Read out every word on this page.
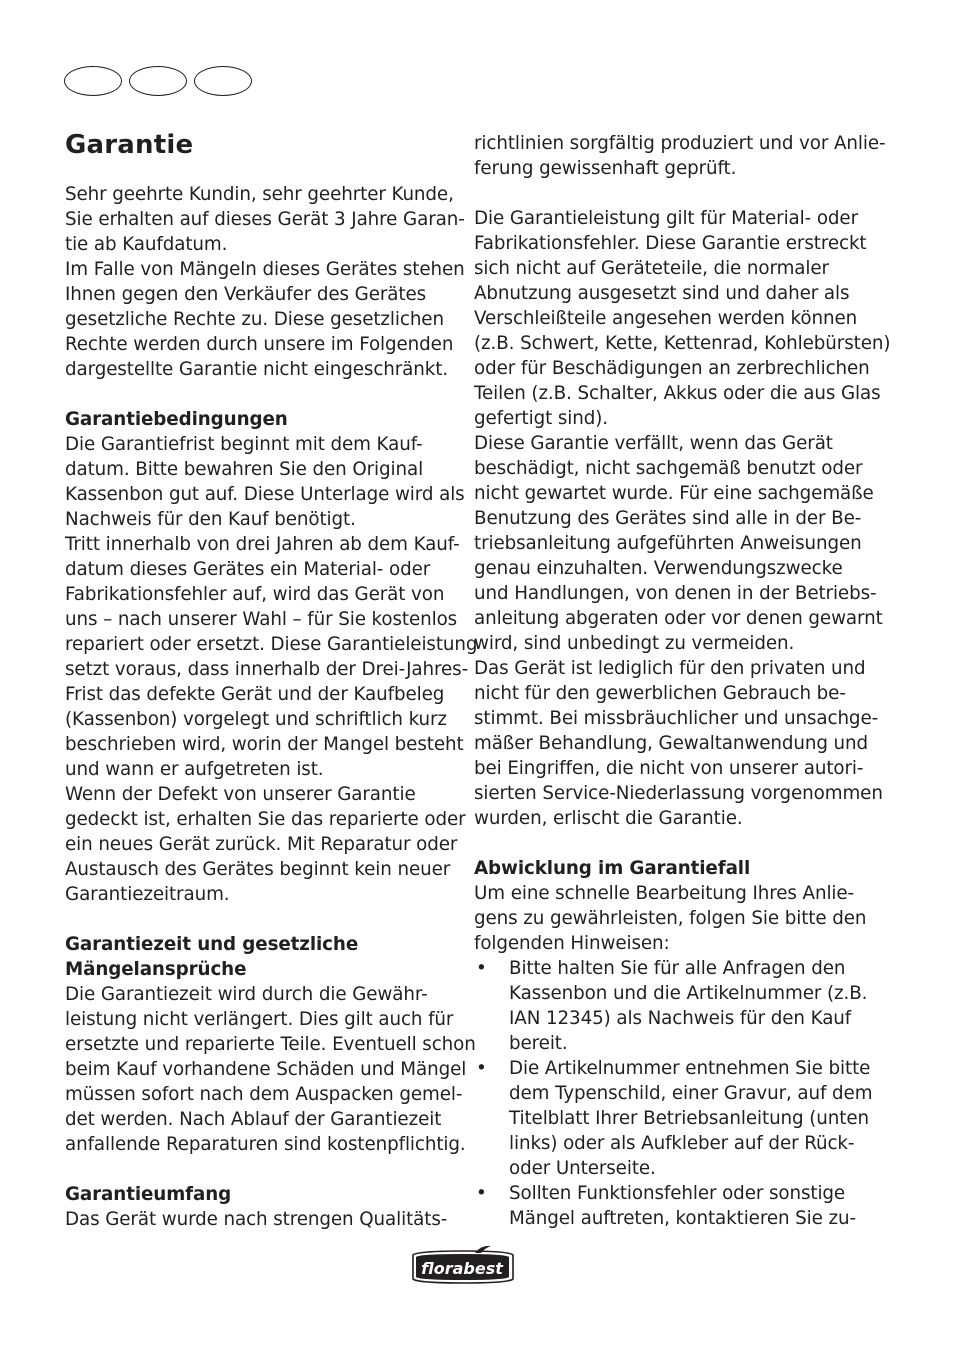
Garantie
Sehr geehrte Kundin, sehr geehrter Kunde,
Sie erhalten auf dieses Gerät 3 Jahre Garan-
tie ab Kaufdatum.
Im Falle von Mängeln dieses Gerätes stehen
Ihnen gegen den Verkäufer des Gerätes
gesetzliche Rechte zu. Diese gesetzlichen
Rechte werden durch unsere im Folgenden
dargestellte Garantie nicht eingeschränkt.
Garantiebedingungen
Die Garantiefrist beginnt mit dem Kauf-
datum. Bitte bewahren Sie den Original
Kassenbon gut auf. Diese Unterlage wird als
Nachweis für den Kauf benötigt.
Tritt innerhalb von drei Jahren ab dem Kauf-
datum dieses Gerätes ein Material- oder
Fabrikationsfehler auf, wird das Gerät von
uns – nach unserer Wahl – für Sie kostenlos
repariert oder ersetzt. Diese Garantieleistung
setzt voraus, dass innerhalb der Drei-Jahres-
Frist das defekte Gerät und der Kaufbeleg
(Kassenbon) vorgelegt und schriftlich kurz
beschrieben wird, worin der Mangel besteht
und wann er aufgetreten ist.
Wenn der Defekt von unserer Garantie
gedeckt ist, erhalten Sie das reparierte oder
ein neues Gerät zurück. Mit Reparatur oder
Austausch des Gerätes beginnt kein neuer
Garantiezeitraum.
Garantiezeit und gesetzliche
Mängelansprüche
Die Garantiezeit wird durch die Gewähr-
leistung nicht verlängert. Dies gilt auch für
ersetzte und reparierte Teile. Eventuell schon
beim Kauf vorhandene Schäden und Mängel
müssen sofort nach dem Auspacken gemel-
det werden. Nach Ablauf der Garantiezeit
anfallende Reparaturen sind kostenpflichtig.
Garantieumfang
Das Gerät wurde nach strengen Qualitäts-
richtlinien sorgfältig produziert und vor Anlie-
ferung gewissenhaft geprüft.
Die Garantieleistung gilt für Material- oder
Fabrikationsfehler. Diese Garantie erstreckt
sich nicht auf Geräteteile, die normaler
Abnutzung ausgesetzt sind und daher als
Verschleißteile angesehen werden können
(z.B. Schwert, Kette, Kettenrad, Kohlebürsten)
oder für Beschädigungen an zerbrechlichen
Teilen (z.B. Schalter, Akkus oder die aus Glas
gefertigt sind).
Diese Garantie verfällt, wenn das Gerät
beschädigt, nicht sachgemäß benutzt oder
nicht gewartet wurde. Für eine sachgemäße
Benutzung des Gerätes sind alle in der Be-
triebsanleitung aufgeführten Anweisungen
genau einzuhalten. Verwendungszwecke
und Handlungen, von denen in der Betriebs-
anleitung abgeraten oder vor denen gewarnt
wird, sind unbedingt zu vermeiden.
Das Gerät ist lediglich für den privaten und
nicht für den gewerblichen Gebrauch be-
stimmt. Bei missbräuchlicher und unsachge-
mäßer Behandlung, Gewaltanwendung und
bei Eingriffen, die nicht von unserer autori-
sierten Service-Niederlassung vorgenommen
wurden, erlischt die Garantie.
Abwicklung im Garantiefall
Um eine schnelle Bearbeitung Ihres Anlie-
gens zu gewährleisten, folgen Sie bitte den
folgenden Hinweisen:
• Bitte halten Sie für alle Anfragen den
Kassenbon und die Artikelnummer (z.B.
IAN 12345) als Nachweis für den Kauf
bereit.
• Die Artikelnummer entnehmen Sie bitte
dem Typenschild, einer Gravur, auf dem
Titelblatt Ihrer Betriebsanleitung (unten
links) oder als Aufkleber auf der Rück-
oder Unterseite.
• Sollten Funktionsfehler oder sonstige
Mängel auftreten, kontaktieren Sie zu-
florabest
